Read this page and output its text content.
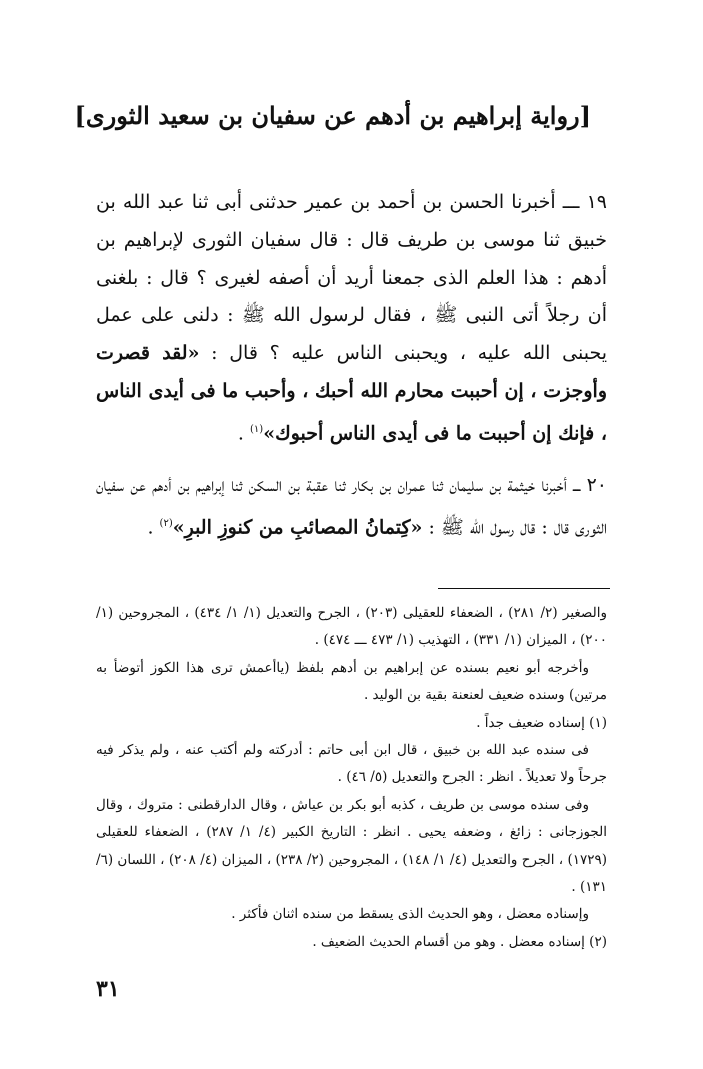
[رواية إبراهيم بن أدهم عن سفيان بن سعيد الثورى]

١٩ ـــ أخبرنا الحسن بن أحمد بن عمير حدثنى أبى ثنا عبد الله بن خبيق ثنا موسى بن طريف قال : قال سفيان الثورى لإبراهيم بن أدهم : هذا العلم الذى جمعنا أريد أن أصفه لغيرى ؟ قال : بلغنى أن رجلاً أتى النبى ﷺ ، فقال لرسول الله ﷺ : دلنى على عمل يحبنى الله عليه ، ويحبنى الناس عليه ؟ قال : «لقد قصرت وأوجزت ، إن أحببت محارم الله أحبك ، وأحبب ما فى أيدى الناس ، فإنك إن أحببت ما فى أيدى الناس أحبوك»$^{(١)}$ .

٢٠ ـــ أخبرنا خيثمة بن سليمان ثنا عمران بن بكار ثنا عقبة بن السكن ثنا إبراهيم بن أدهم عن سفيان الثورى قال : قال رسول الله ﷺ : «كِتمانُ المصائبِ من كنوزِ البرِ»$^{(٢)}$ .

والصغير (٢/ ٢٨١) ، الضعفاء للعقيلى (٢٠٣) ، الجرح والتعديل (١/ ١/ ٤٣٤) ، المجروحين (١/ ٢٠٠) ، الميزان (١/ ٣٣١) ، التهذيب (١/ ٤٧٣ ـــ ٤٧٤) .

وأخرجه أبو نعيم بسنده عن إبراهيم بن أدهم بلفظ (ياأعمش ترى هذا الكوز أتوضأ به مرتين) وسنده ضعيف لعنعنة بقية بن الوليد .

(١) إسناده ضعيف جداً .

فى سنده عبد الله بن خبيق ، قال ابن أبى حاتم : أدركته ولم أكتب عنه ، ولم يذكر فيه جرحاً ولا تعديلاً . انظر : الجرح والتعديل (٥/ ٤٦) .

وفى سنده موسى بن طريف ، كذبه أبو بكر بن عياش ، وقال الدارقطنى : متروك ، وقال الجوزجانى : زائغ ، وضعفه يحيى . انظر : التاريخ الكبير (٤/ ١/ ٢٨٧) ، الضعفاء للعقيلى (١٧٢٩) ، الجرح والتعديل (٤/ ١/ ١٤٨) ، المجروحين (٢/ ٢٣٨) ، الميزان (٤/ ٢٠٨) ، اللسان (٦/ ١٣١) .

وإسناده معضل ، وهو الحديث الذى يسقط من سنده اثنان فأكثر .

(٢) إسناده معضل . وهو من أقسام الحديث الضعيف .

٣١
